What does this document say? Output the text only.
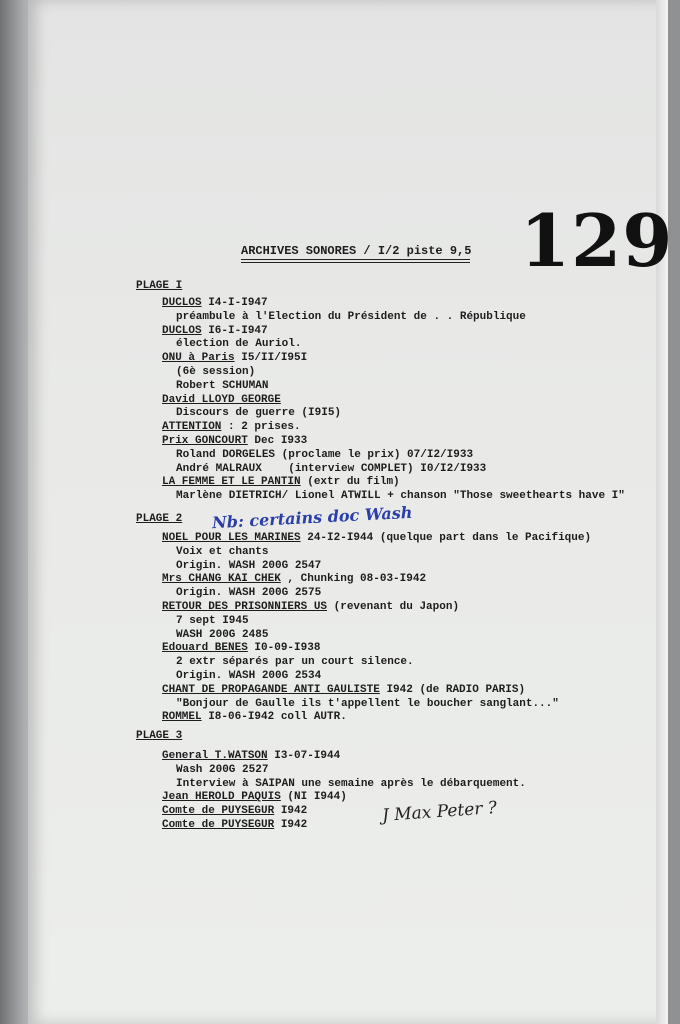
129
ARCHIVES SONORES / I/2 piste 9,5
PLAGE I
DUCLOS I4-I-I947
préambule à l'Election du Président de . . République
DUCLOS I6-I-I947
élection de Auriol.
ONU à Paris I5/II/I95I
(6è session)
Robert SCHUMAN
David LLOYD GEORGE
Discours de guerre (I9I5)
ATTENTION : 2 prises.
Prix GONCOURT Dec I933
Roland DORGELES (proclame le prix) 07/I2/I933
André MALRAUX    (interview COMPLET) I0/I2/I933
LA FEMME ET LE PANTIN (extr du film)
Marlène DIETRICH/ Lionel ATWILL + chanson "Those sweethearts have I"
PLAGE 2 Nb: certains doc Wash
NOEL POUR LES MARINES 24-I2-I944 (quelque part dans le Pacifique)
Voix et chants
Origin. WASH 200G 2547
Mrs CHANG KAI CHEK , Chunking 08-03-I942
Origin. WASH 200G 2575
RETOUR DES PRISONNIERS US (revenant du Japon)
7 sept I945
WASH 200G 2485
Edouard BENES I0-09-I938
2 extr séparés par un court silence.
Origin. WASH 200G 2534
CHANT DE PROPAGANDE ANTI GAULISTE I942 (de RADIO PARIS)
"Bonjour de Gaulle ils t'appellent le boucher sanglant..."
ROMMEL I8-06-I942 coll AUTR.
PLAGE 3
J Max Peter ?
General T.WATSON I3-07-I944
Wash 200G 2527
Interview à SAIPAN une semaine après le débarquement.
Jean HEROLD PAQUIS (NI I944)
Comte de PUYSEGUR I942
Comte de PUYSEGUR I942
